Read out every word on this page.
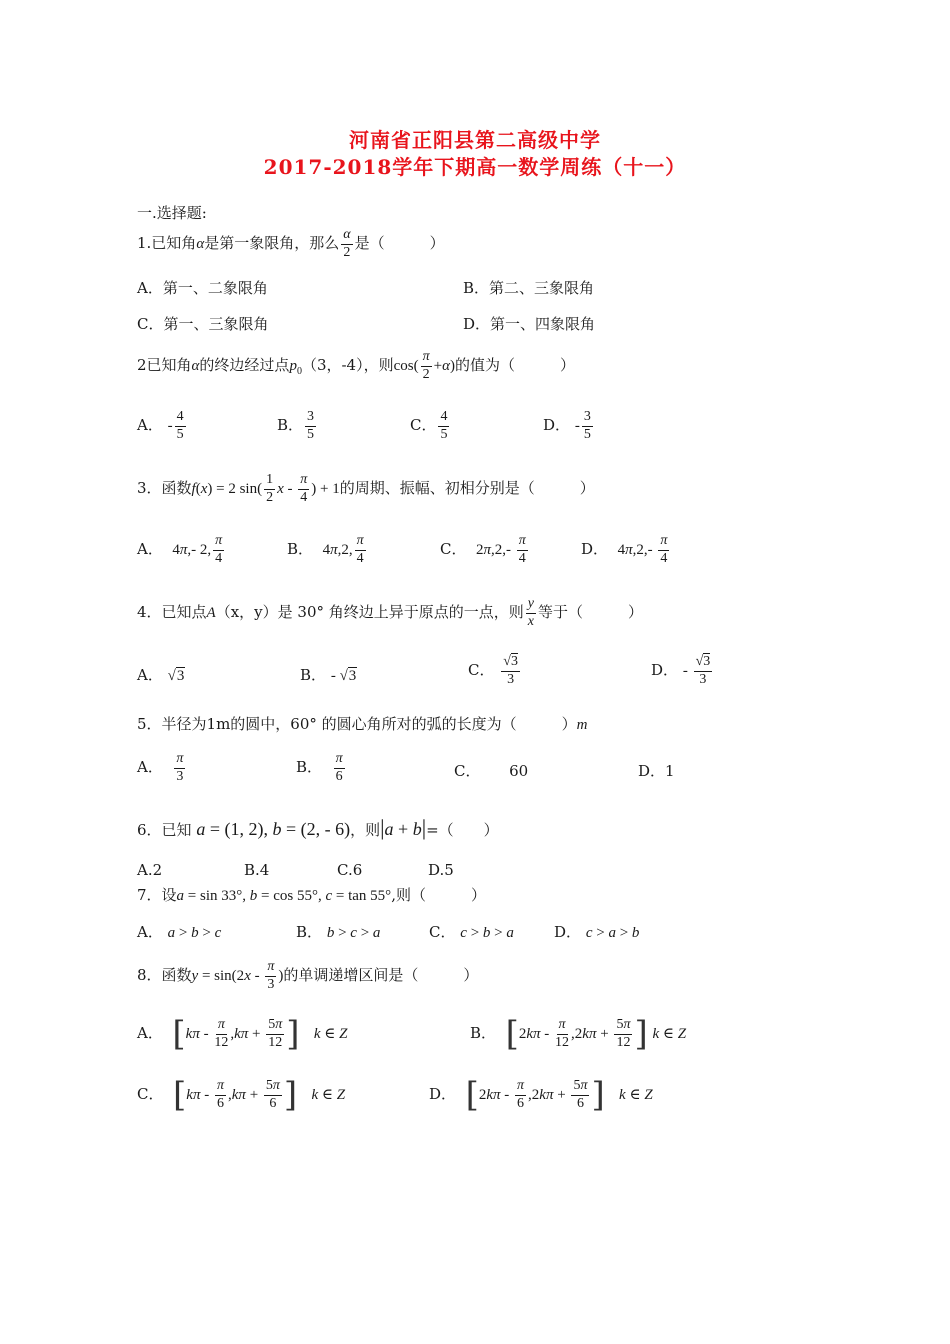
河南省正阳县第二高级中学
2017-2018学年下期高一数学周练（十一）
一.选择题:
1.已知角α是第一象限角，那么 $\frac{\alpha}{2}$ 是（　　　）
A．第一、二象限角	B．第二、三象限角
C．第一、三象限角	D．第一、四象限角
2已知角α的终边经过点$p_0(3$，-4），则$\cos( \frac{\pi}{2} +\alpha)$的值为（　　　）
A． - $\frac{4}{5}$	B． $\frac{3}{5}$	C． $\frac{4}{5}$	D． - $\frac{3}{5}$
3．函数f(x) = 2 $\sin( \frac{1}{2}$ x - $\frac{\pi}{4}$ ) + 1的周期、振幅、初相分别是（　　　）
A． 4π,- 2, $\frac{\pi}{4}$	B． 4π,2, $\frac{\pi}{4}$	C． $2\pi,2,- \frac{\pi}{4}$	D． $4\pi,2,- \frac{\pi}{4}$
4．已知点A（x，y）是 30° 角终边上异于原点的一点，则 $\frac{y}{x}$ 等于（　　　）
A． √3	B． - √3	C． $\frac{√3}{3}$	D． - $\frac{√3}{3}$
5．半径为1m的圆中，60° 的圆心角所对的弧的长度为（　　　）m
A． $\frac{\pi}{3}$	B． $\frac{\pi}{6}$	C． 60	D．1
6．已知 a = (1, 2), b = (2, - 6)，则|a + b|=（　　）
A.2	B.4	C.6	D.5
7．设a = sin 33°, b = cos 55°, c = tan 55°,则（　　　）
A． a > b > c	B． b > c > a	C． c > b > a	D． c > a > b
8．函数$y = \sin(2x - \frac{\pi}{3}$ )的单调递增区间是（　　　）
A． [$k\pi - \frac{\pi}{12} ,k\pi + \frac{5\pi}{12}$ ] k ∈ Z	B． [$2k\pi - \frac{\pi}{12} ,2k\pi + \frac{5\pi}{12}$ ] k ∈ Z
C． [$k\pi - \frac{\pi}{6} ,k\pi + \frac{5\pi}{6}$ ] k ∈ Z	D． [$2k\pi - \frac{\pi}{6} ,2k\pi + \frac{5\pi}{6}$ ] k ∈ Z
